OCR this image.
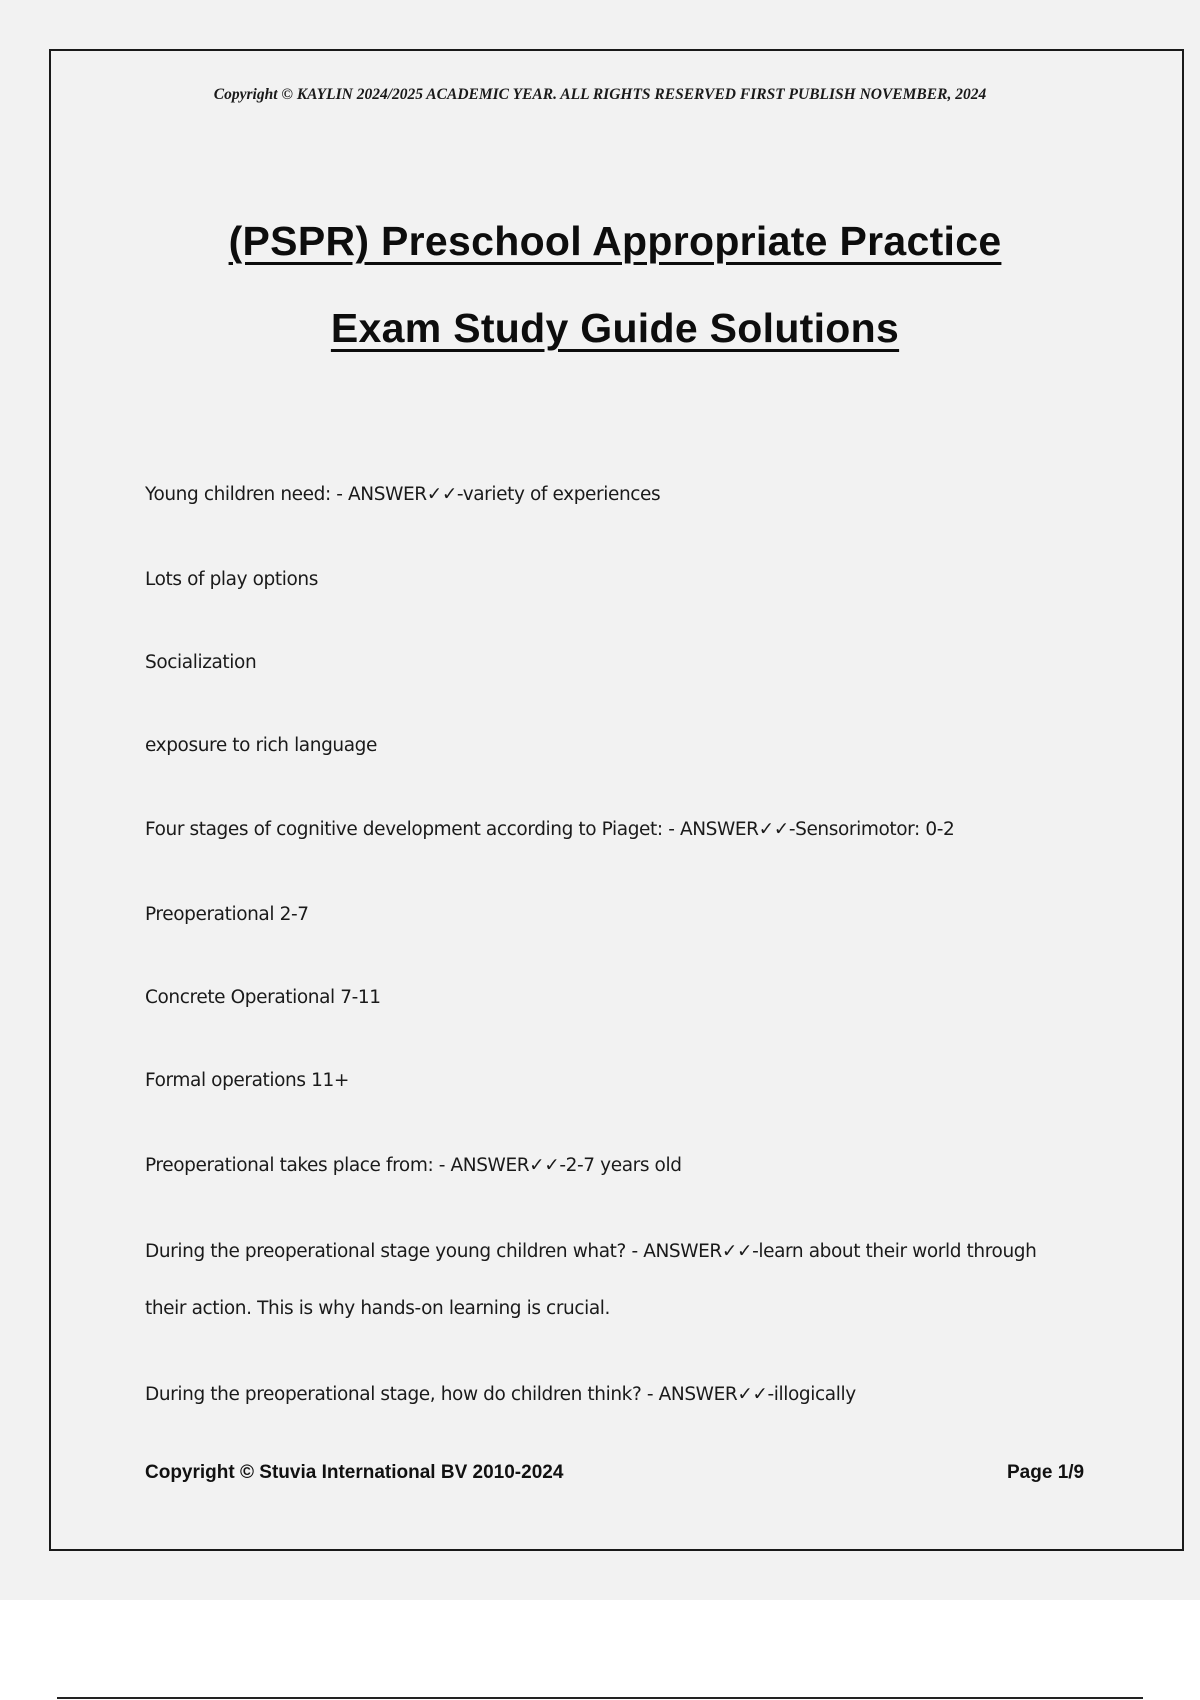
Copyright © KAYLIN 2024/2025 ACADEMIC YEAR. ALL RIGHTS RESERVED FIRST PUBLISH NOVEMBER, 2024
(PSPR) Preschool Appropriate Practice
Exam Study Guide Solutions
Young children need: - ANSWER✓✓-variety of experiences
Lots of play options
Socialization
exposure to rich language
Four stages of cognitive development according to Piaget: - ANSWER✓✓-Sensorimotor: 0-2
Preoperational 2-7
Concrete Operational 7-11
Formal operations 11+
Preoperational takes place from: - ANSWER✓✓-2-7 years old
During the preoperational stage young children what? - ANSWER✓✓-learn about their world through
their action. This is why hands-on learning is crucial.
During the preoperational stage, how do children think? - ANSWER✓✓-illogically
Copyright © Stuvia International BV 2010-2024	Page 1/9
